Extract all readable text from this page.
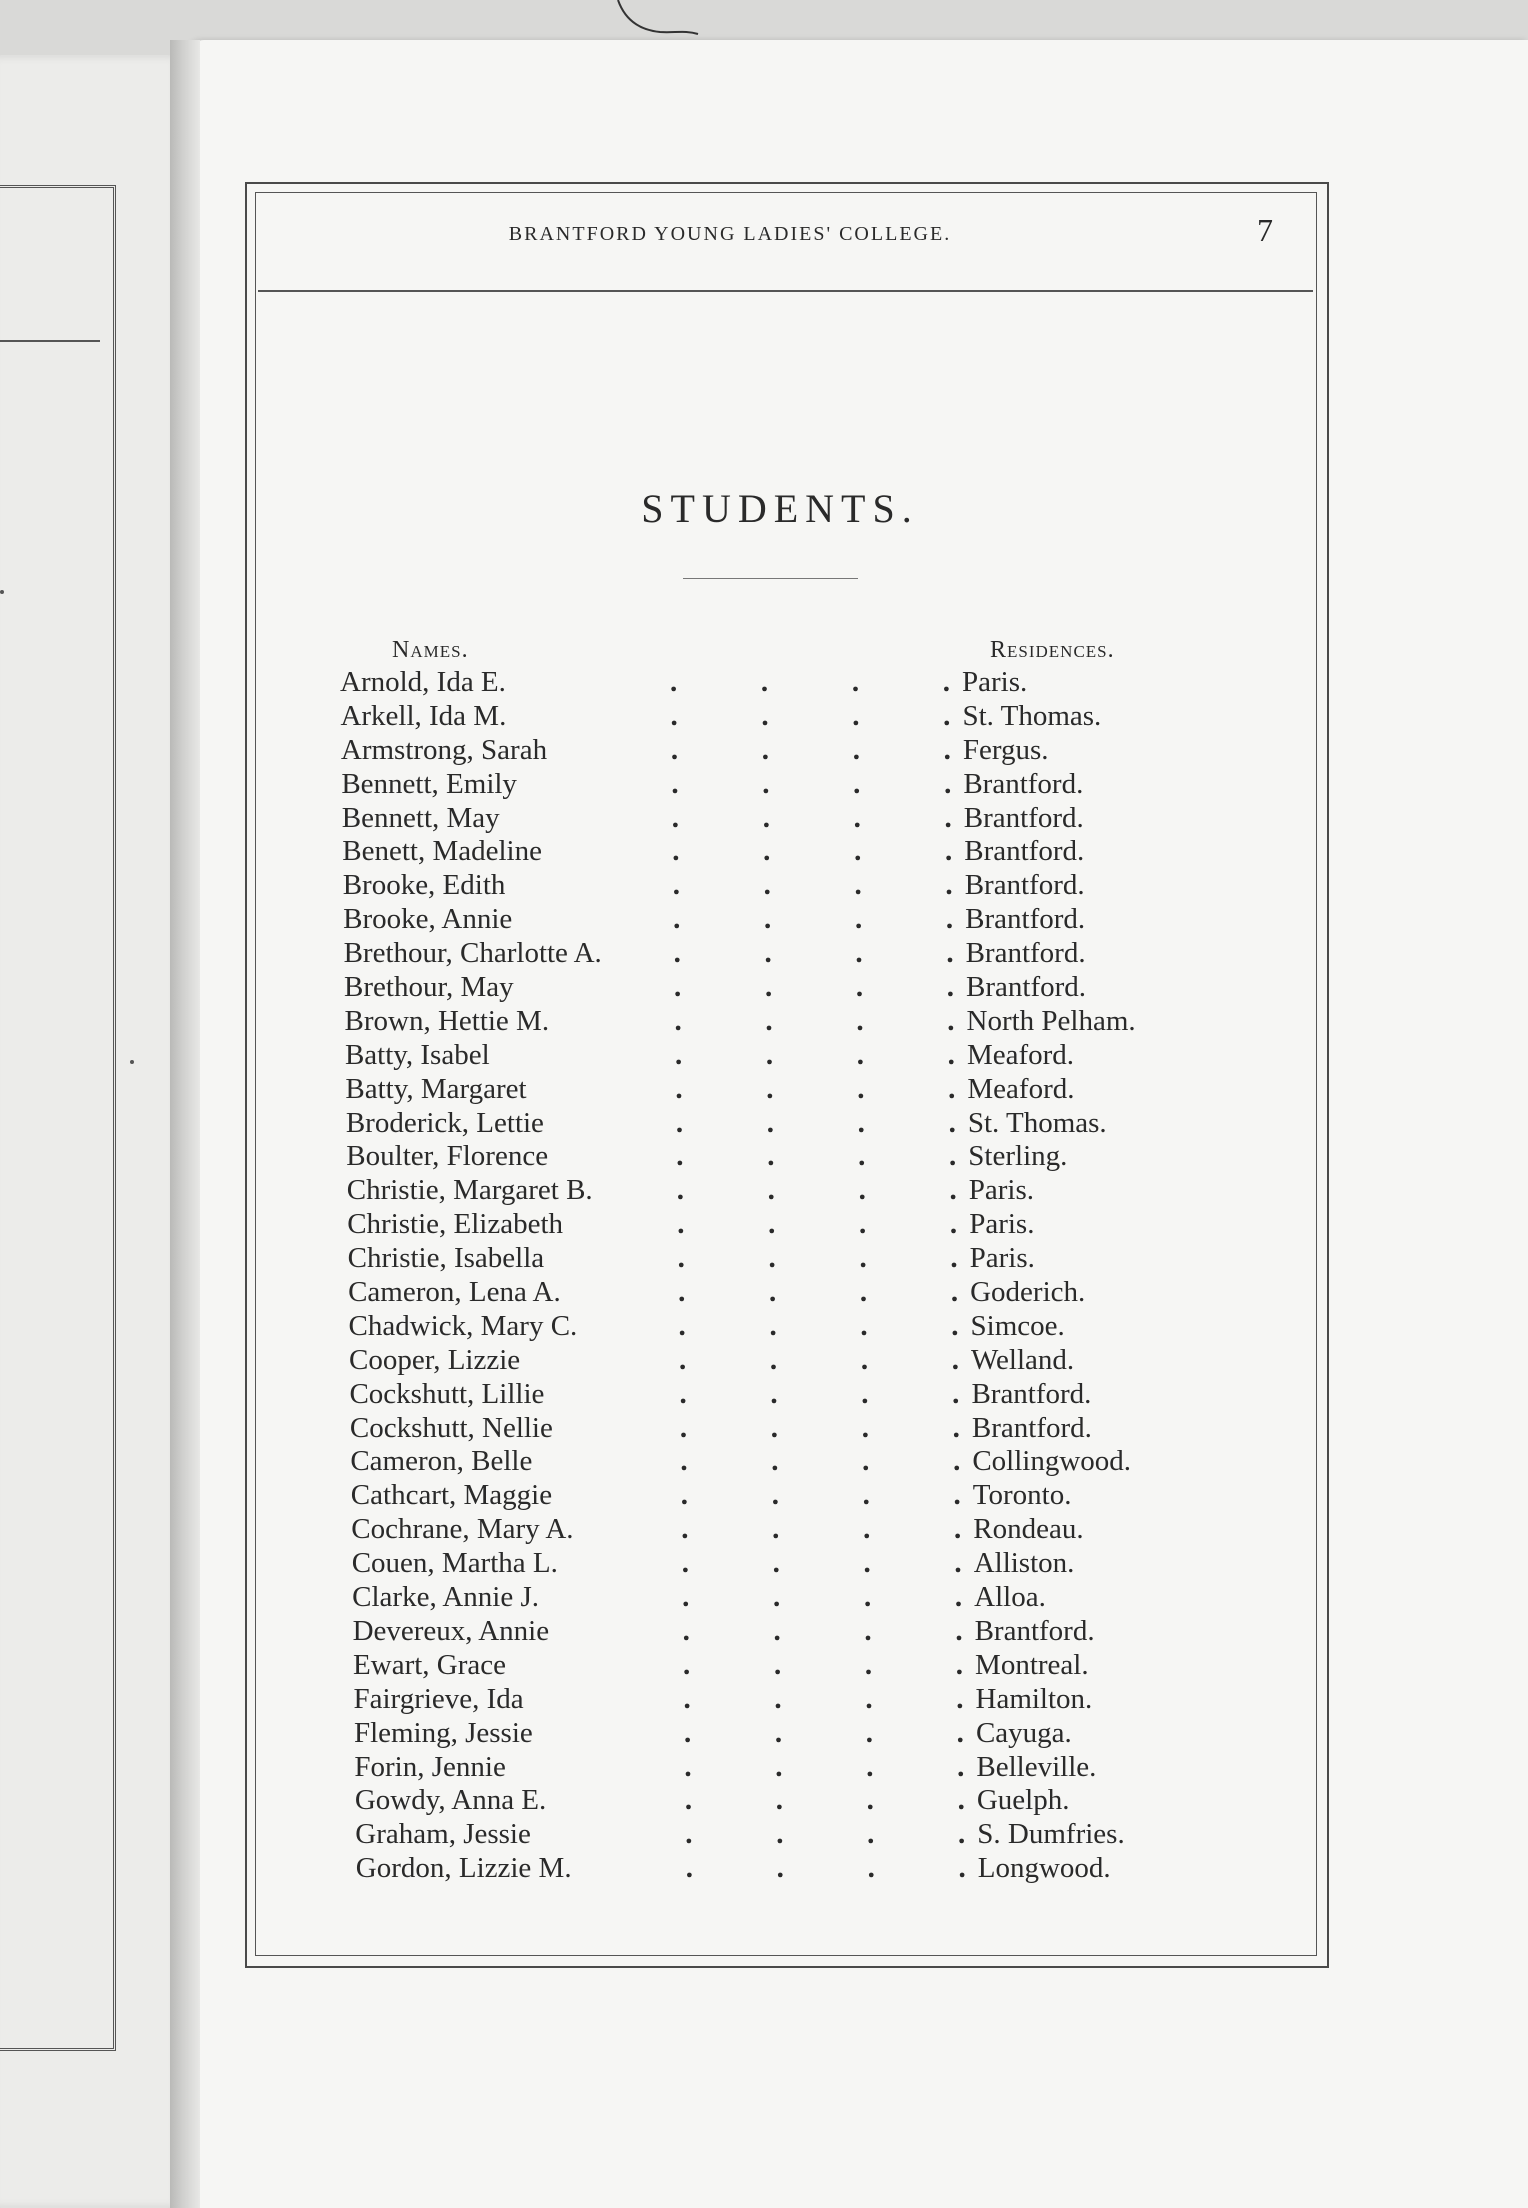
BRANTFORD YOUNG LADIES' COLLEGE.	7
STUDENTS.
Names.	Residences.
Arnold, Ida E.	.	.	.	. Paris.
Arkell, Ida M.	.	.	.	. St. Thomas.
Armstrong, Sarah	.	.	.	. Fergus.
Bennett, Emily	.	.	.	. Brantford.
Bennett, May	.	.	.	. Brantford.
Benett, Madeline	.	.	.	. Brantford.
Brooke, Edith	.	.	.	. Brantford.
Brooke, Annie	.	.	.	. Brantford.
Brethour, Charlotte A. .	.	.	. Brantford.
Brethour, May	.	.	.	. Brantford.
Brown, Hettie M.	.	.	.	. North Pelham.
Batty, Isabel	.	.	.	. Meaford.
Batty, Margaret	.	.	.	. Meaford.
Broderick, Lettie	.	.	.	. St. Thomas.
Boulter, Florence	.	.	.	. Sterling.
Christie, Margaret B.	.	.	.	. Paris.
Christie, Elizabeth	.	.	.	. Paris.
Christie, Isabella	.	.	.	. Paris.
Cameron, Lena A.	.	.	.	. Goderich.
Chadwick, Mary C.	.	.	.	. Simcoe.
Cooper, Lizzie	.	.	.	. Welland.
Cockshutt, Lillie	.	.	.	. Brantford.
Cockshutt, Nellie	.	.	.	. Brantford.
Cameron, Belle	.	.	.	. Collingwood.
Cathcart, Maggie	.	.	.	. Toronto.
Cochrane, Mary A.	.	.	.	. Rondeau.
Couen, Martha L.	.	.	.	. Alliston.
Clarke, Annie J.	.	.	.	. Alloa.
Devereux, Annie	.	.	.	. Brantford.
Ewart, Grace	.	.	.	. Montreal.
Fairgrieve, Ida	.	.	.	. Hamilton.
Fleming, Jessie	.	.	.	. Cayuga.
Forin, Jennie	.	.	.	. Belleville.
Gowdy, Anna E.	.	.	.	. Guelph.
Graham, Jessie	.	.	.	. S. Dumfries.
Gordon, Lizzie M.	.	.	.	. Longwood.
